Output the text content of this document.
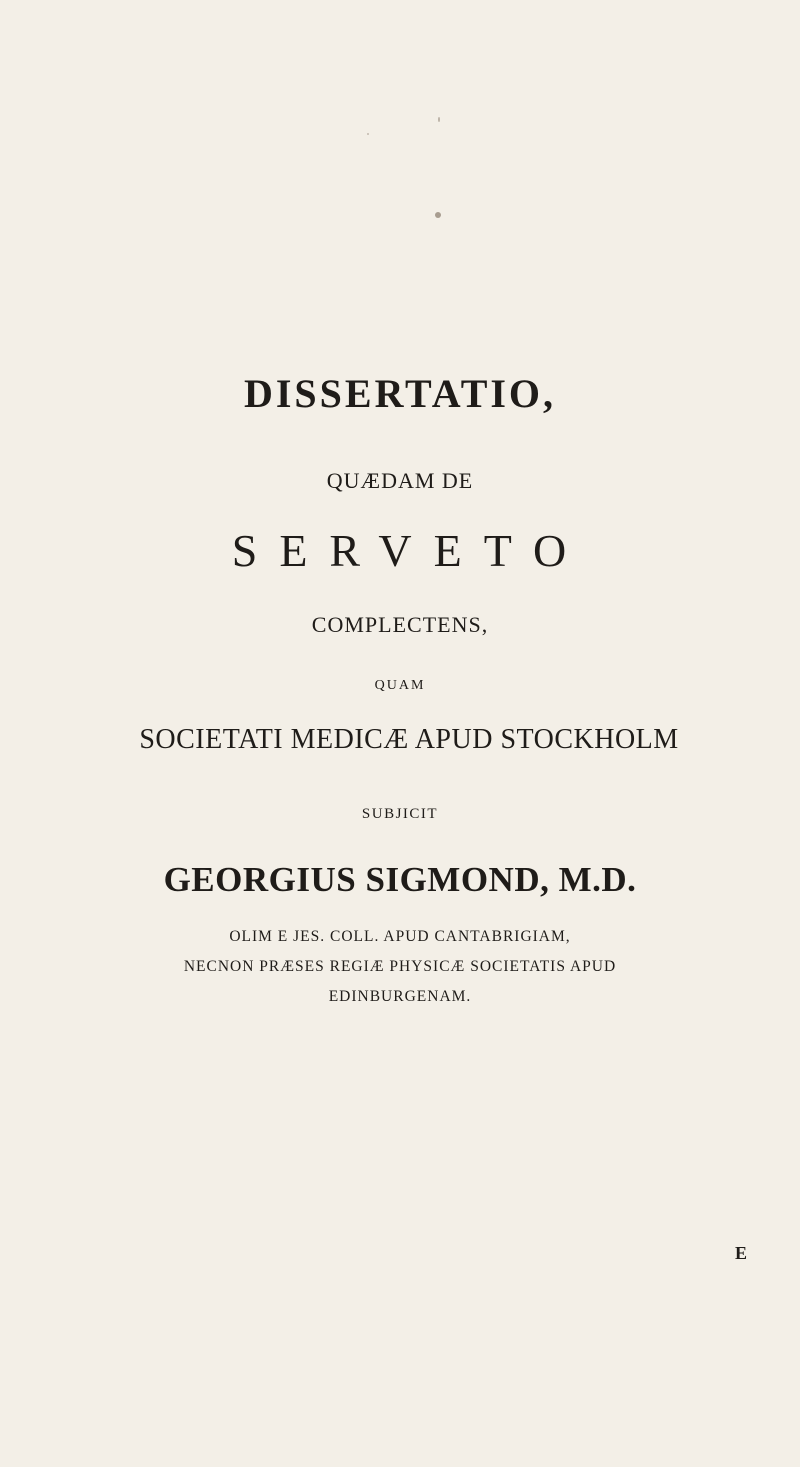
DISSERTATIO,
QUÆDAM DE
SERVETO
COMPLECTENS,
QUAM
SOCIETATI MEDICÆ APUD STOCKHOLM
SUBJICIT
GEORGIUS SIGMOND, M.D.
OLIM E JES. COLL. APUD CANTABRIGIAM,
NECNON PRÆSES REGIÆ PHYSICÆ SOCIETATIS APUD
EDINBURGENAM.
E
